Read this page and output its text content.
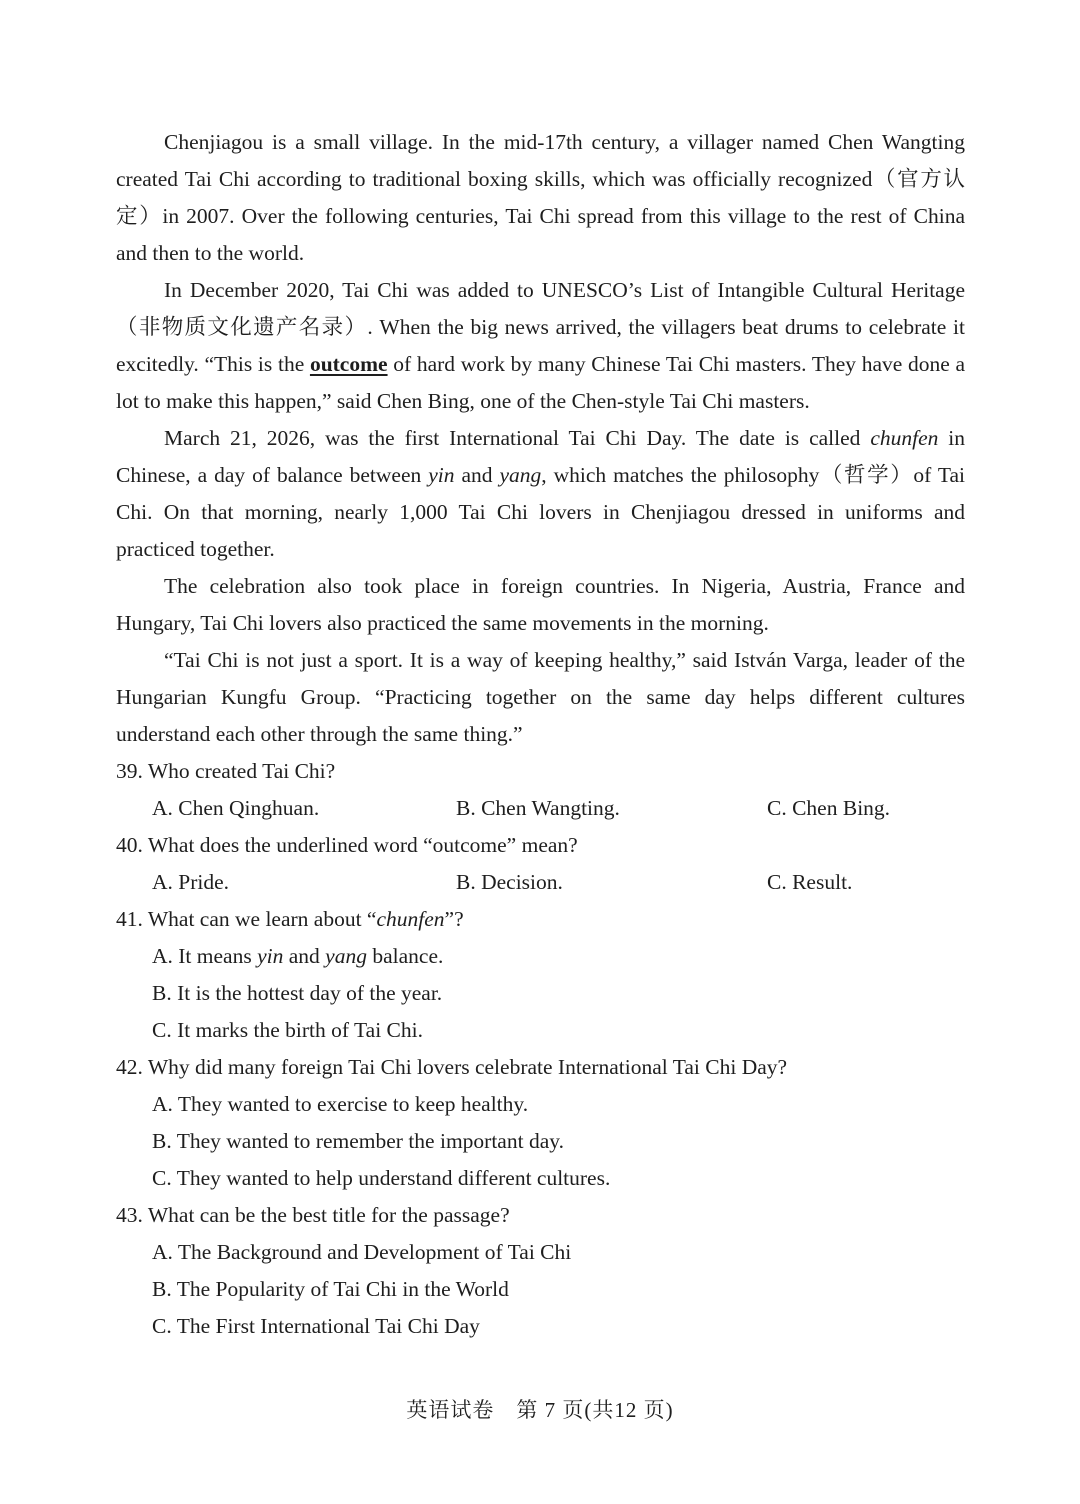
Chenjiagou is a small village. In the mid-17th century, a villager named Chen Wangting created Tai Chi according to traditional boxing skills, which was officially recognized（官方认定）in 2007. Over the following centuries, Tai Chi spread from this village to the rest of China and then to the world.

In December 2020, Tai Chi was added to UNESCO’s List of Intangible Cultural Heritage（非物质文化遗产名录）. When the big news arrived, the villagers beat drums to celebrate it excitedly. “This is the outcome of hard work by many Chinese Tai Chi masters. They have done a lot to make this happen,” said Chen Bing, one of the Chen-style Tai Chi masters.

March 21, 2026, was the first International Tai Chi Day. The date is called chunfen in Chinese, a day of balance between yin and yang, which matches the philosophy（哲学）of Tai Chi. On that morning, nearly 1,000 Tai Chi lovers in Chenjiagou dressed in uniforms and practiced together.

The celebration also took place in foreign countries. In Nigeria, Austria, France and Hungary, Tai Chi lovers also practiced the same movements in the morning.

“Tai Chi is not just a sport. It is a way of keeping healthy,” said István Varga, leader of the Hungarian Kungfu Group. “Practicing together on the same day helps different cultures understand each other through the same thing.”

39. Who created Tai Chi?

A. Chen Qinghuan.	B. Chen Wangting.	C. Chen Bing.

40. What does the underlined word “outcome” mean?

A. Pride.	B. Decision.	C. Result.

41. What can we learn about “chunfen”?

A. It means yin and yang balance.

B. It is the hottest day of the year.

C. It marks the birth of Tai Chi.

42. Why did many foreign Tai Chi lovers celebrate International Tai Chi Day?

A. They wanted to exercise to keep healthy.

B. They wanted to remember the important day.

C. They wanted to help understand different cultures.

43. What can be the best title for the passage?

A. The Background and Development of Tai Chi

B. The Popularity of Tai Chi in the World

C. The First International Tai Chi Day

英语试卷　第 7 页(共12 页)
